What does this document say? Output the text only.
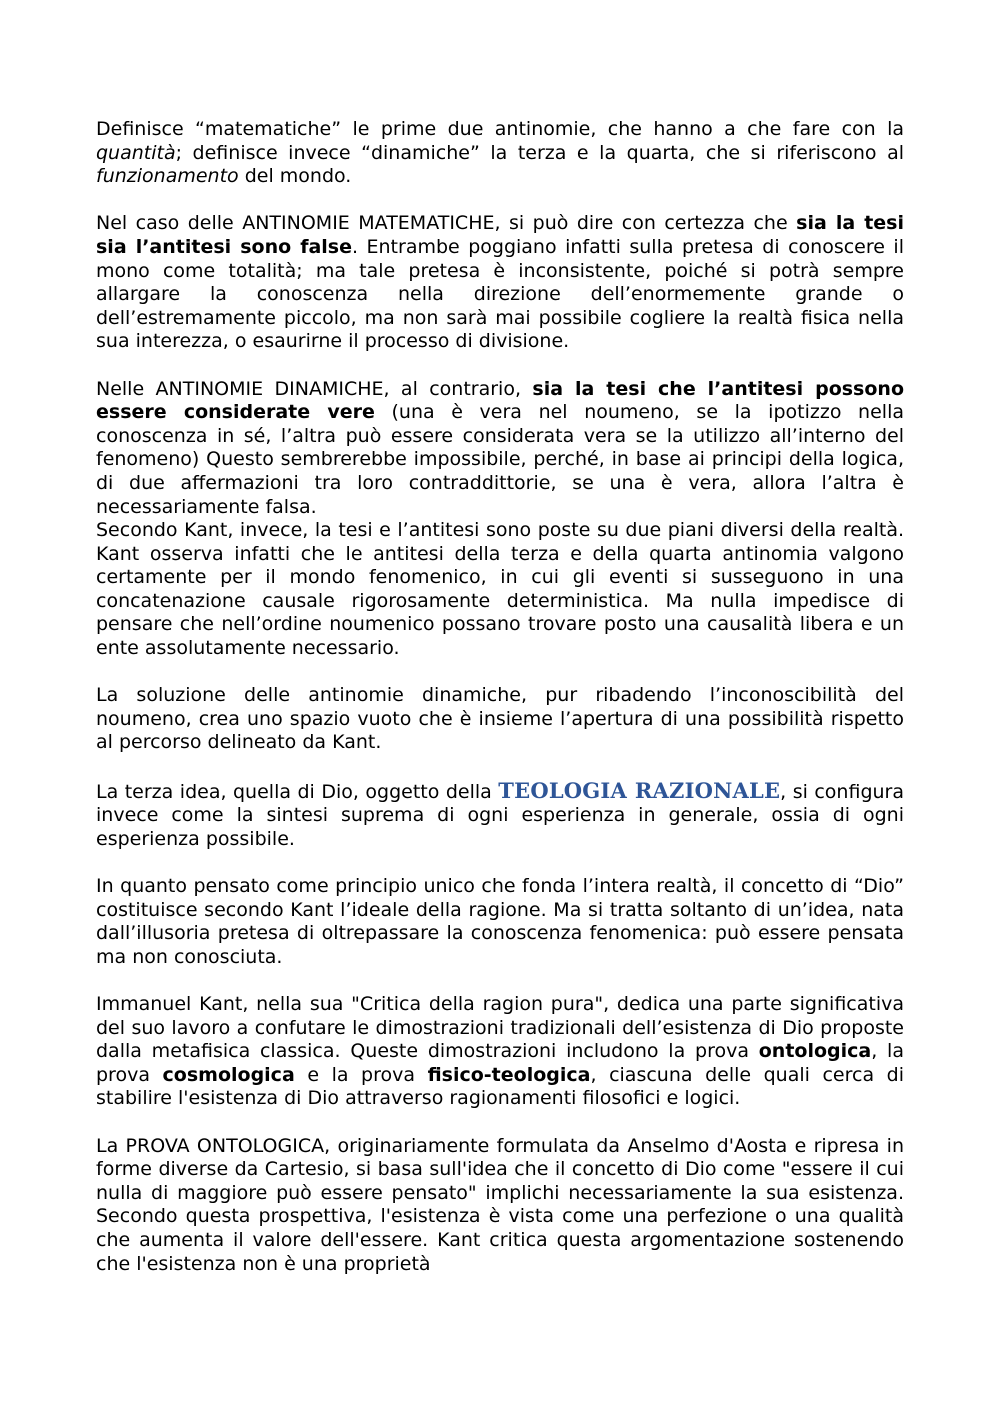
Definisce “matematiche” le prime due antinomie, che hanno a che fare con la quantità; definisce invece “dinamiche” la terza e la quarta, che si riferiscono al funzionamento del mondo.

Nel caso delle ANTINOMIE MATEMATICHE, si può dire con certezza che sia la tesi sia l’antitesi sono false. Entrambe poggiano infatti sulla pretesa di conoscere il mono come totalità; ma tale pretesa è inconsistente, poiché si potrà sempre allargare la conoscenza nella direzione dell’enormemente grande o dell’estremamente piccolo, ma non sarà mai possibile cogliere la realtà fisica nella sua interezza, o esaurirne il processo di divisione.

Nelle ANTINOMIE DINAMICHE, al contrario, sia la tesi che l’antitesi possono essere considerate vere (una è vera nel noumeno, se la ipotizzo nella conoscenza in sé, l’altra può essere considerata vera se la utilizzo all’interno del fenomeno) Questo sembrerebbe impossibile, perché, in base ai principi della logica, di due affermazioni tra loro contraddittorie, se una è vera, allora l’altra è necessariamente falsa.

Secondo Kant, invece, la tesi e l’antitesi sono poste su due piani diversi della realtà. Kant osserva infatti che le antitesi della terza e della quarta antinomia valgono certamente per il mondo fenomenico, in cui gli eventi si susseguono in una concatenazione causale rigorosamente deterministica. Ma nulla impedisce di pensare che nell’ordine noumenico possano trovare posto una causalità libera e un ente assolutamente necessario.

La soluzione delle antinomie dinamiche, pur ribadendo l’inconoscibilità del noumeno, crea uno spazio vuoto che è insieme l’apertura di una possibilità rispetto al percorso delineato da Kant.

La terza idea, quella di Dio, oggetto della TEOLOGIA RAZIONALE, si configura invece come la sintesi suprema di ogni esperienza in generale, ossia di ogni esperienza possibile.

In quanto pensato come principio unico che fonda l’intera realtà, il concetto di “Dio” costituisce secondo Kant l’ideale della ragione. Ma si tratta soltanto di un’idea, nata dall’illusoria pretesa di oltrepassare la conoscenza fenomenica: può essere pensata ma non conosciuta.

Immanuel Kant, nella sua "Critica della ragion pura", dedica una parte significativa del suo lavoro a confutare le dimostrazioni tradizionali dell’esistenza di Dio proposte dalla metafisica classica. Queste dimostrazioni includono la prova ontologica, la prova cosmologica e la prova fisico-teologica, ciascuna delle quali cerca di stabilire l'esistenza di Dio attraverso ragionamenti filosofici e logici.

La PROVA ONTOLOGICA, originariamente formulata da Anselmo d'Aosta e ripresa in forme diverse da Cartesio, si basa sull'idea che il concetto di Dio come "essere il cui nulla di maggiore può essere pensato" implichi necessariamente la sua esistenza. Secondo questa prospettiva, l'esistenza è vista come una perfezione o una qualità che aumenta il valore dell'essere. Kant critica questa argomentazione sostenendo che l'esistenza non è una proprietà
